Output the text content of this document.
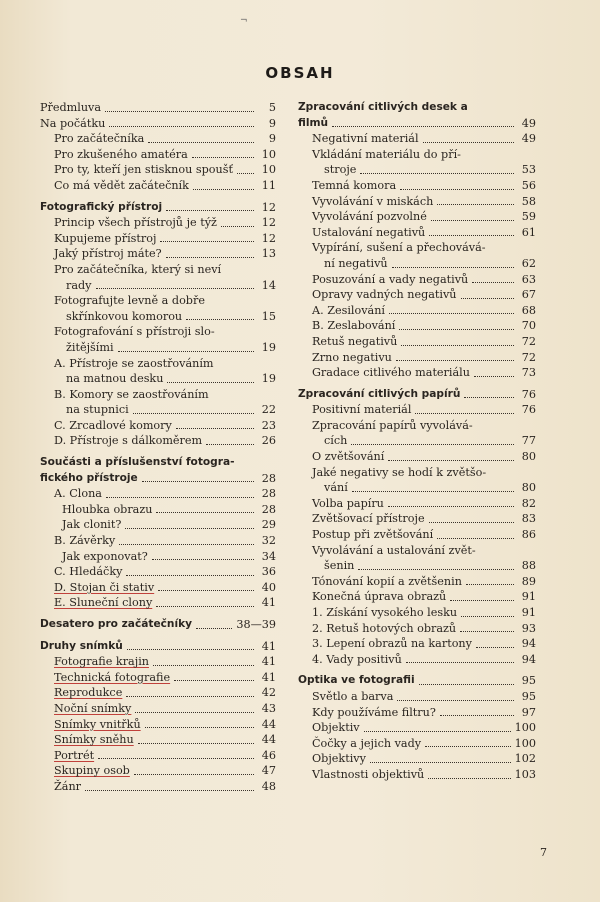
¬
OBSAH
Předmluva	5
Na počátku	9
Pro začátečníka	9
Pro zkušeného amatéra	10
Pro ty, kteří jen stisknou spoušť	10
Co má vědět začátečník	11
Fotografický přístroj	12
Princip všech přístrojů je týž	12
Kupujeme přístroj	12
Jaký přístroj máte?	13
Pro začátečníka, který si neví
rady	14
Fotografujte levně a dobře
skřínkovou komorou	15
Fotografování s přístroji slo-
žitějšími	19
A. Přístroje se zaostřováním
na matnou desku	19
B. Komory se zaostřováním
na stupnici	22
C. Zrcadlové komory	23
D. Přístroje s dálkoměrem	26
Součásti a příslušenství fotogra-
fického přístroje	28
A. Clona	28
Hloubka obrazu	28
Jak clonit?	29
B. Závěrky	32
Jak exponovat?	34
C. Hledáčky	36
D. Stojan či stativ	40
E. Sluneční clony	41
Desatero pro začátečníky	38—39
Druhy snímků	41
Fotografie krajin	41
Technická fotografie	41
Reprodukce	42
Noční snímky	43
Snímky vnitřků	44
Snímky sněhu	44
Portrét	46
Skupiny osob	47
Žánr	48
Zpracování citlivých desek a
filmů	49
Negativní materiál	49
Vkládání materiálu do pří-
stroje	53
Temná komora	56
Vyvolávání v miskách	58
Vyvolávání pozvolné	59
Ustalování negativů	61
Vypírání, sušení a přechovává-
ní negativů	62
Posuzování a vady negativů	63
Opravy vadných negativů	67
A. Zesilování	68
B. Zeslabování	70
Retuš negativů	72
Zrno negativu	72
Gradace citlivého materiálu	73
Zpracování citlivých papírů	76
Positivní materiál	76
Zpracování papírů vyvolává-
cích	77
O zvětšování	80
Jaké negativy se hodí k zvětšo-
vání	80
Volba papíru	82
Zvětšovací přístroje	83
Postup při zvětšování	86
Vyvolávání a ustalování zvět-
šenin	88
Tónování kopií a zvětšenin	89
Konečná úprava obrazů	91
1. Získání vysokého lesku	91
2. Retuš hotových obrazů	93
3. Lepení obrazů na kartony	94
4. Vady positivů	94
Optika ve fotografii	95
Světlo a barva	95
Kdy používáme filtru?	97
Objektiv	100
Čočky a jejich vady	100
Objektivy	102
Vlastnosti objektivů	103
7
